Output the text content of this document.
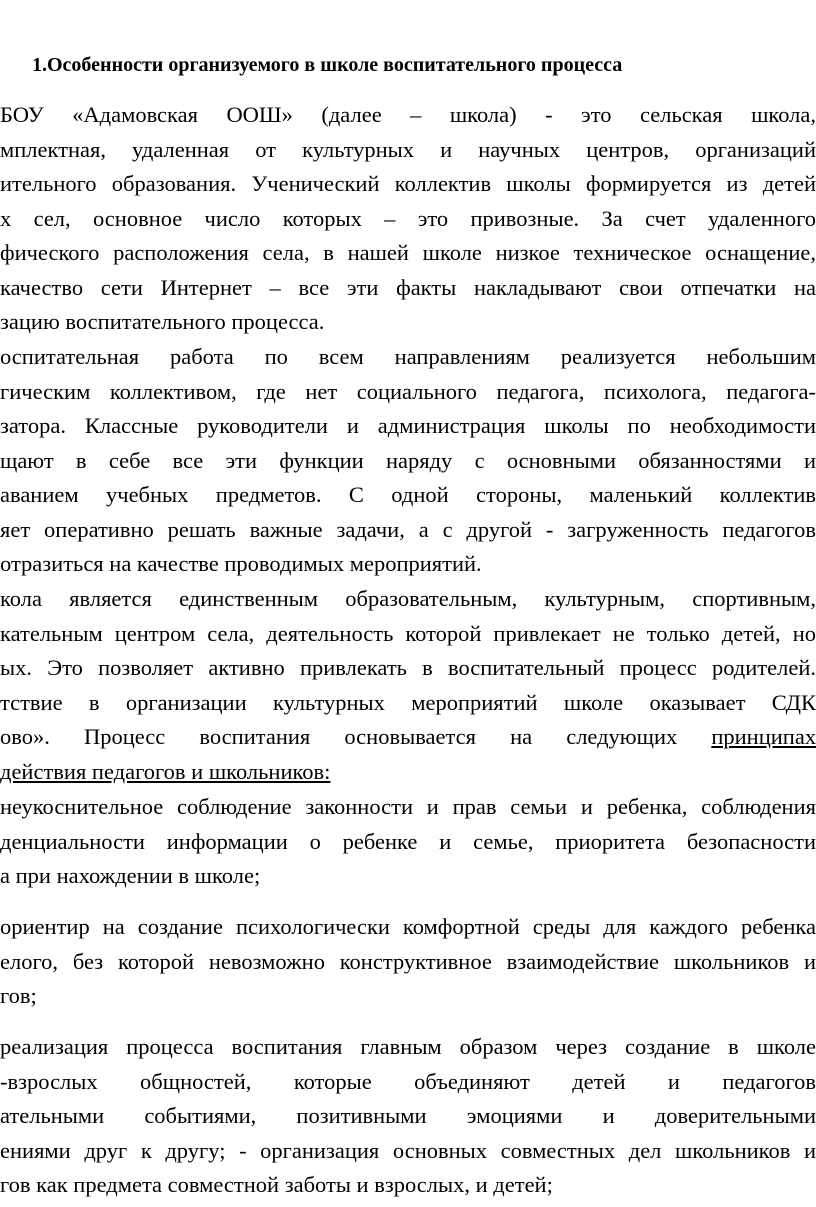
1.Особенности организуемого в школе воспитательного процесса
БОУ «Адамовская ООШ» (далее – школа) - это сельская школа,
мплектная, удаленная от культурных и научных центров, организаций
ительного образования. Ученический коллектив школы формируется из детей
х сел, основное число которых – это привозные. За счет удаленного
фического расположения села, в нашей школе низкое техническое оснащение,
качество сети Интернет – все эти факты накладывают свои отпечатки на
зацию воспитательного процесса.
оспитательная работа по всем направлениям реализуется небольшим
гическим коллективом, где нет социального педагога, психолога, педагога-
затора. Классные руководители и администрация школы по необходимости
щают в себе все эти функции наряду с основными обязанностями и
аванием учебных предметов. С одной стороны, маленький коллектив
яет оперативно решать важные задачи, а с другой - загруженность педагогов
отразиться на качестве проводимых мероприятий.
кола является единственным образовательным, культурным, спортивным,
кательным центром села, деятельность которой привлекает не только детей, но
ых. Это позволяет активно привлекать в воспитательный процесс родителей.
тствие в организации культурных мероприятий школе оказывает СДК
ово». Процесс воспитания основывается на следующих принципах
действия педагогов и школьников:
неукоснительное соблюдение законности и прав семьи и ребенка, соблюдения
денциальности информации о ребенке и семье, приоритета безопасности
а при нахождении в школе;
ориентир на создание психологически комфортной среды для каждого ребенка
елого, без которой невозможно конструктивное взаимодействие школьников и
гов;
реализация процесса воспитания главным образом через создание в школе
-взрослых общностей, которые объединяют детей и педагогов
ательными событиями, позитивными эмоциями и доверительными
ениями друг к другу; - организация основных совместных дел школьников и
гов как предмета совместной заботы и взрослых, и детей;
